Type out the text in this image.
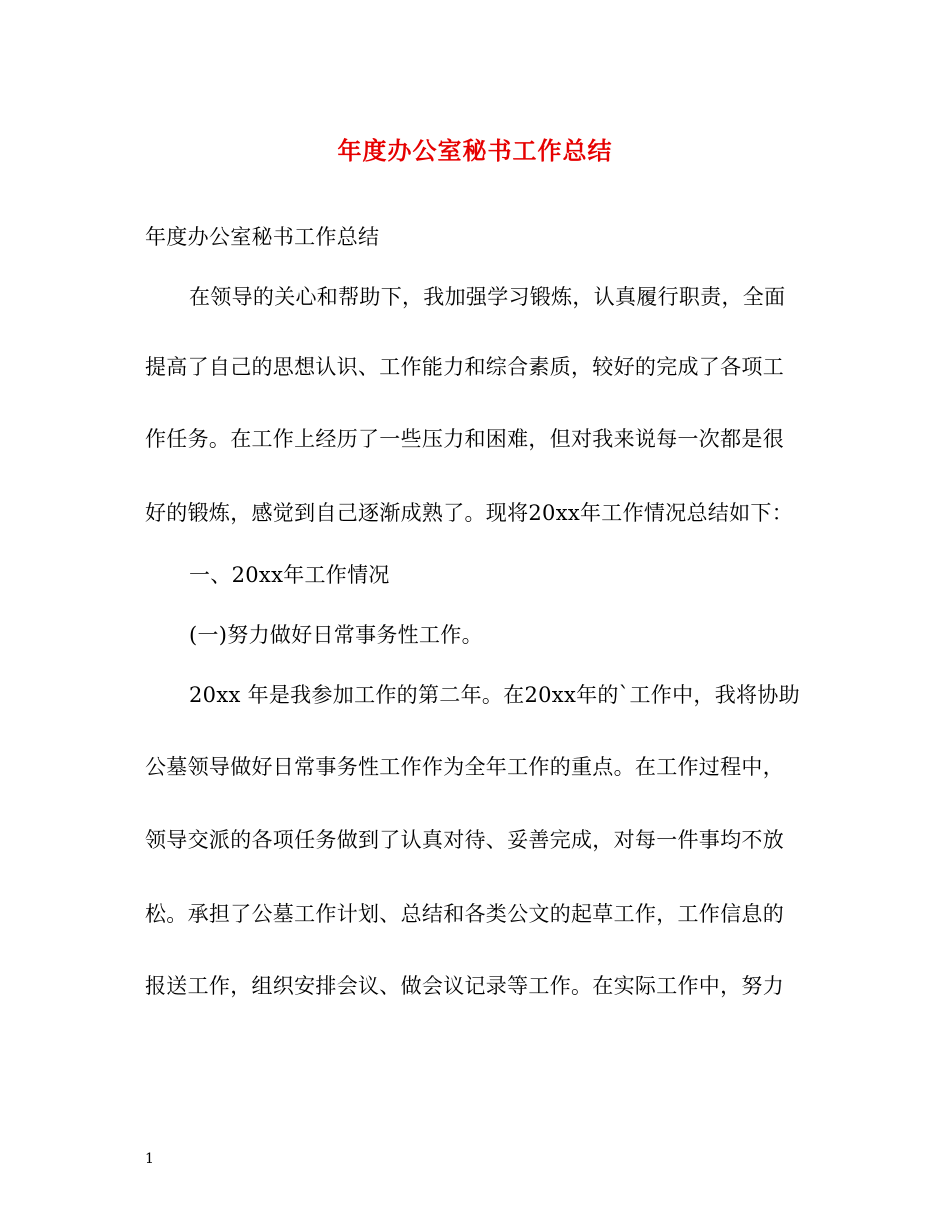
年度办公室秘书工作总结
年度办公室秘书工作总结
在领导的关心和帮助下，我加强学习锻炼，认真履行职责，全面
提高了自己的思想认识、工作能力和综合素质，较好的完成了各项工
作任务。在工作上经历了一些压力和困难，但对我来说每一次都是很
好的锻炼，感觉到自己逐渐成熟了。现将20xx年工作情况总结如下：
一、20xx年工作情况
(一)努力做好日常事务性工作。
20xx 年是我参加工作的第二年。在20xx年的`工作中，我将协助
公墓领导做好日常事务性工作作为全年工作的重点。在工作过程中，
领导交派的各项任务做到了认真对待、妥善完成，对每一件事均不放
松。承担了公墓工作计划、总结和各类公文的起草工作，工作信息的
报送工作，组织安排会议、做会议记录等工作。在实际工作中，努力
1
